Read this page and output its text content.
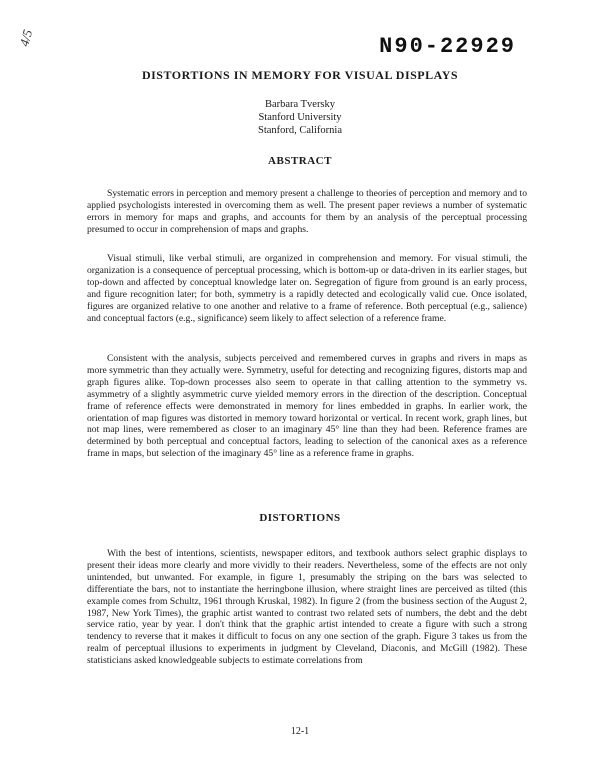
4/5	N90-22929
DISTORTIONS IN MEMORY FOR VISUAL DISPLAYS
Barbara Tversky
Stanford University
Stanford, California
ABSTRACT

Systematic errors in perception and memory present a challenge to theories of perception and memory and to applied psychologists interested in overcoming them as well. The present paper reviews a number of systematic errors in memory for maps and graphs, and accounts for them by an analysis of the perceptual processing presumed to occur in comprehension of maps and graphs.

Visual stimuli, like verbal stimuli, are organized in comprehension and memory. For visual stimuli, the organization is a consequence of perceptual processing, which is bottom-up or data-driven in its earlier stages, but top-down and affected by conceptual knowledge later on. Segregation of figure from ground is an early process, and figure recognition later; for both, symmetry is a rapidly detected and ecologically valid cue. Once isolated, figures are organized relative to one another and relative to a frame of reference. Both perceptual (e.g., salience) and conceptual factors (e.g., significance) seem likely to affect selection of a reference frame.

Consistent with the analysis, subjects perceived and remembered curves in graphs and rivers in maps as more symmetric than they actually were. Symmetry, useful for detecting and recognizing figures, distorts map and graph figures alike. Top-down processes also seem to operate in that calling attention to the symmetry vs. asymmetry of a slightly asymmetric curve yielded memory errors in the direction of the description. Conceptual frame of reference effects were demonstrated in memory for lines embedded in graphs. In earlier work, the orientation of map figures was distorted in memory toward horizontal or vertical. In recent work, graph lines, but not map lines, were remembered as closer to an imaginary 45° line than they had been. Reference frames are determined by both perceptual and conceptual factors, leading to selection of the canonical axes as a reference frame in maps, but selection of the imaginary 45° line as a reference frame in graphs.

DISTORTIONS

With the best of intentions, scientists, newspaper editors, and textbook authors select graphic displays to present their ideas more clearly and more vividly to their readers. Nevertheless, some of the effects are not only unintended, but unwanted. For example, in figure 1, presumably the striping on the bars was selected to differentiate the bars, not to instantiate the herringbone illusion, where straight lines are perceived as tilted (this example comes from Schultz, 1961 through Kruskal, 1982). In figure 2 (from the business section of the August 2, 1987, New York Times), the graphic artist wanted to contrast two related sets of numbers, the debt and the debt service ratio, year by year. I don't think that the graphic artist intended to create a figure with such a strong tendency to reverse that it makes it difficult to focus on any one section of the graph. Figure 3 takes us from the realm of perceptual illusions to experiments in judgment by Cleveland, Diaconis, and McGill (1982). These statisticians asked knowledgeable subjects to estimate correlations from

12-1
